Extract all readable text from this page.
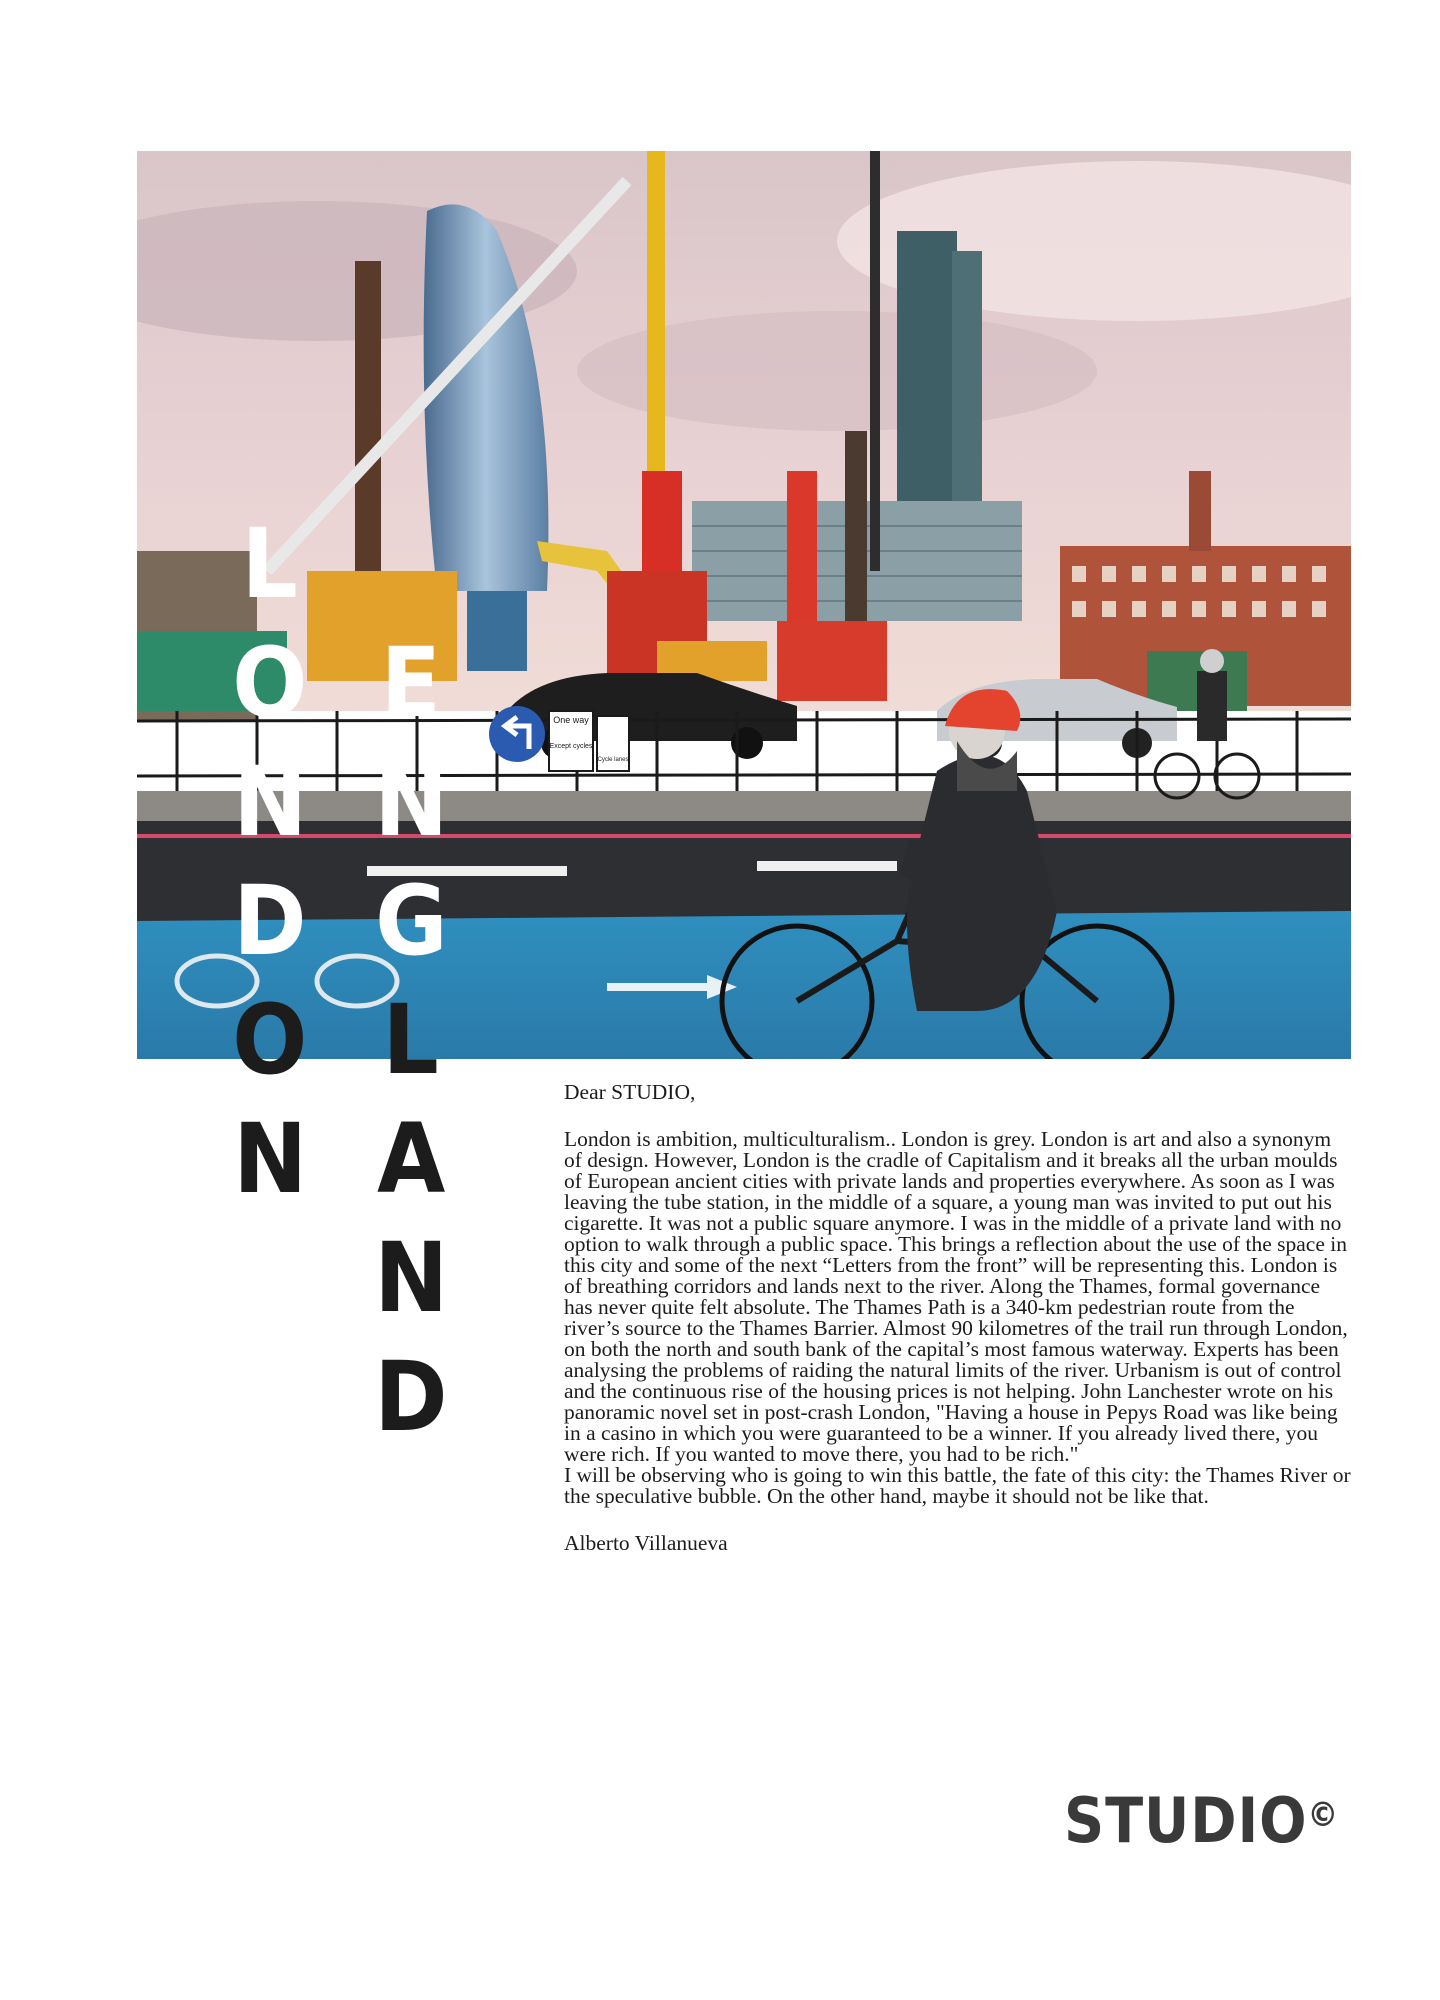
One way
Except cycles
Cycle lanes
L
O
N
D
O
N
E
N
G
L
A
N
D

Dear STUDIO,

London is ambition, multiculturalism.. London is grey. London is art and also a synonym of design. However, London is the cradle of Capitalism and it breaks all the urban moulds of European ancient cities with private lands and properties everywhere. As soon as I was leaving the tube station, in the middle of a square, a young man was invited to put out his cigarette. It was not a public square anymore. I was in the middle of a private land with no option to walk through a public space. This brings a reflection about the use of the space in this city and some of the next “Letters from the front” will be representing this. London is of breathing corridors and lands next to the river. Along the Thames, formal governance has never quite felt absolute. The Thames Path is a 340-km pedestrian route from the river’s source to the Thames Barrier. Almost 90 kilometres of the trail run through London, on both the north and south bank of the capital’s most famous waterway. Experts has been analysing the problems of raiding the natural limits of the river. Urbanism is out of control and the continuous rise of the housing prices is not helping. John Lanchester wrote on his panoramic novel set in post-crash London, "Having a house in Pepys Road was like being in a casino in which you were guaranteed to be a winner. If you already lived there, you were rich. If you wanted to move there, you had to be rich."

I will be observing who is going to win this battle, the fate of this city: the Thames River or the speculative bubble. On the other hand, maybe it should not be like that.

Alberto Villanueva

STUDIO©
